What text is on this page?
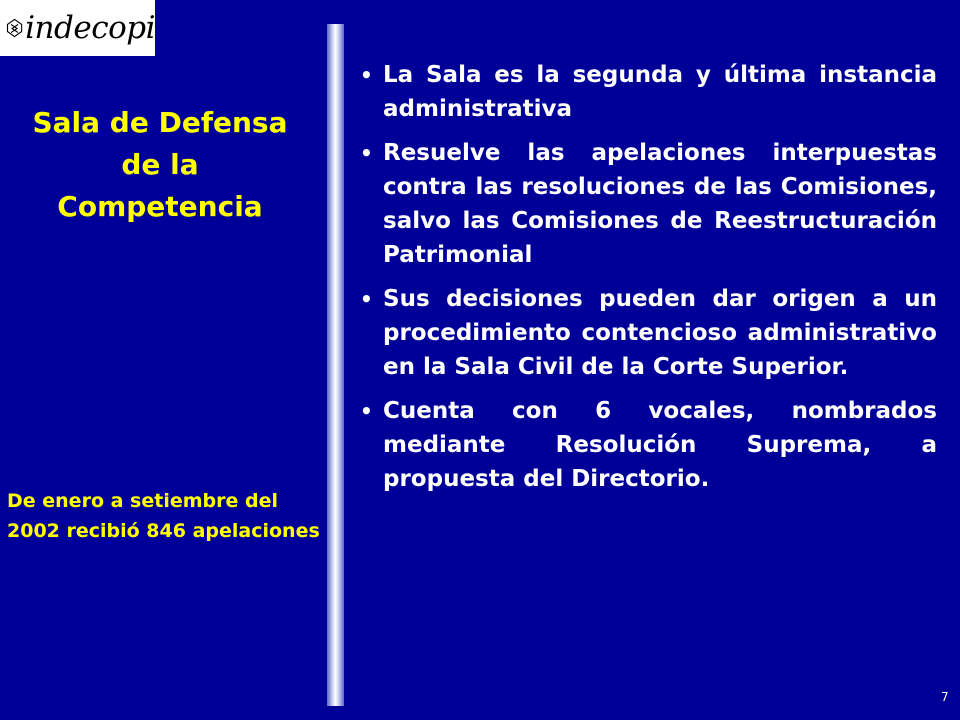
indecopi
Sala de Defensa
de la
Competencia
De enero a setiembre del 2002 recibió 846 apelaciones
• La Sala es la segunda y última instancia administrativa
• Resuelve las apelaciones interpuestas contra las resoluciones de las Comisiones, salvo las Comisiones de Reestructuración Patrimonial
• Sus decisiones pueden dar origen a un procedimiento contencioso administrativo en la Sala Civil de la Corte Superior.
• Cuenta con 6 vocales, nombrados mediante Resolución Suprema, a propuesta del Directorio.
7
